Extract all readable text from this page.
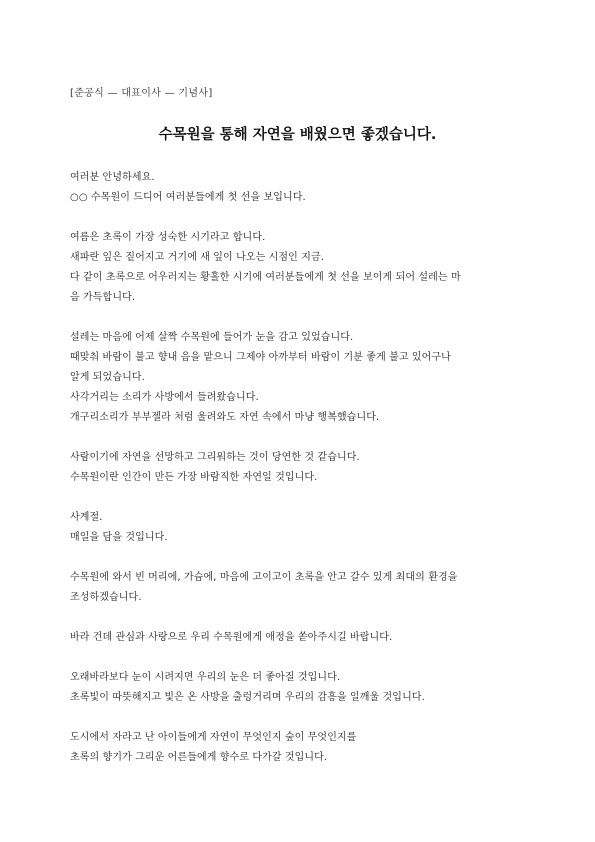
[준공식 — 대표이사 — 기념사]
수목원을 통해 자연을 배웠으면 좋겠습니다.
여러분 안녕하세요.
○○ 수목원이 드디어 여러분들에게 첫 선을 보입니다.
여름은 초록이 가장 성숙한 시기라고 합니다.
새파란 잎은 짙어지고 거기에 새 잎이 나오는 시점인 지금.
다 같이 초록으로 어우러지는 황홀한 시기에 여러분들에게 첫 선을 보이게 되어 설레는 마
음 가득합니다.
설레는 마음에 어제 살짝 수목원에 들어가 눈을 감고 있었습니다.
때맞춰 바람이 불고 향내 음을 맡으니 그제야 아까부터 바람이 기분 좋게 불고 있어구나
알게 되었습니다.
사각거리는 소리가 사방에서 들려왔습니다.
개구리소리가 부부젤라 처럼 울려와도 자연 속에서 마냥 행복했습니다.
사람이기에 자연을 선망하고 그리워하는 것이 당연한 것 같습니다.
수목원이란 인간이 만든 가장 바람직한 자연일 것입니다.
사계절.
매일을 담을 것입니다.
수목원에 와서 빈 머리에, 가슴에, 마음에 고이고이 초록을 안고 갈수 있게 최대의 환경을
조성하겠습니다.
바라 건데 관심과 사랑으로 우리 수목원에게 애정을 쏟아주시길 바랍니다.
오래바라보다 눈이 시려지면 우리의 눈은 더 좋아질 것입니다.
초록빛이 따뜻해지고 빛은 온 사방을 출렁거리며 우리의 감흥을 일깨울 것입니다.
도시에서 자라고 난 아이들에게 자연이 무엇인지 숲이 무엇인지를
초록의 향기가 그리운 어른들에게 향수로 다가갈 것입니다.
